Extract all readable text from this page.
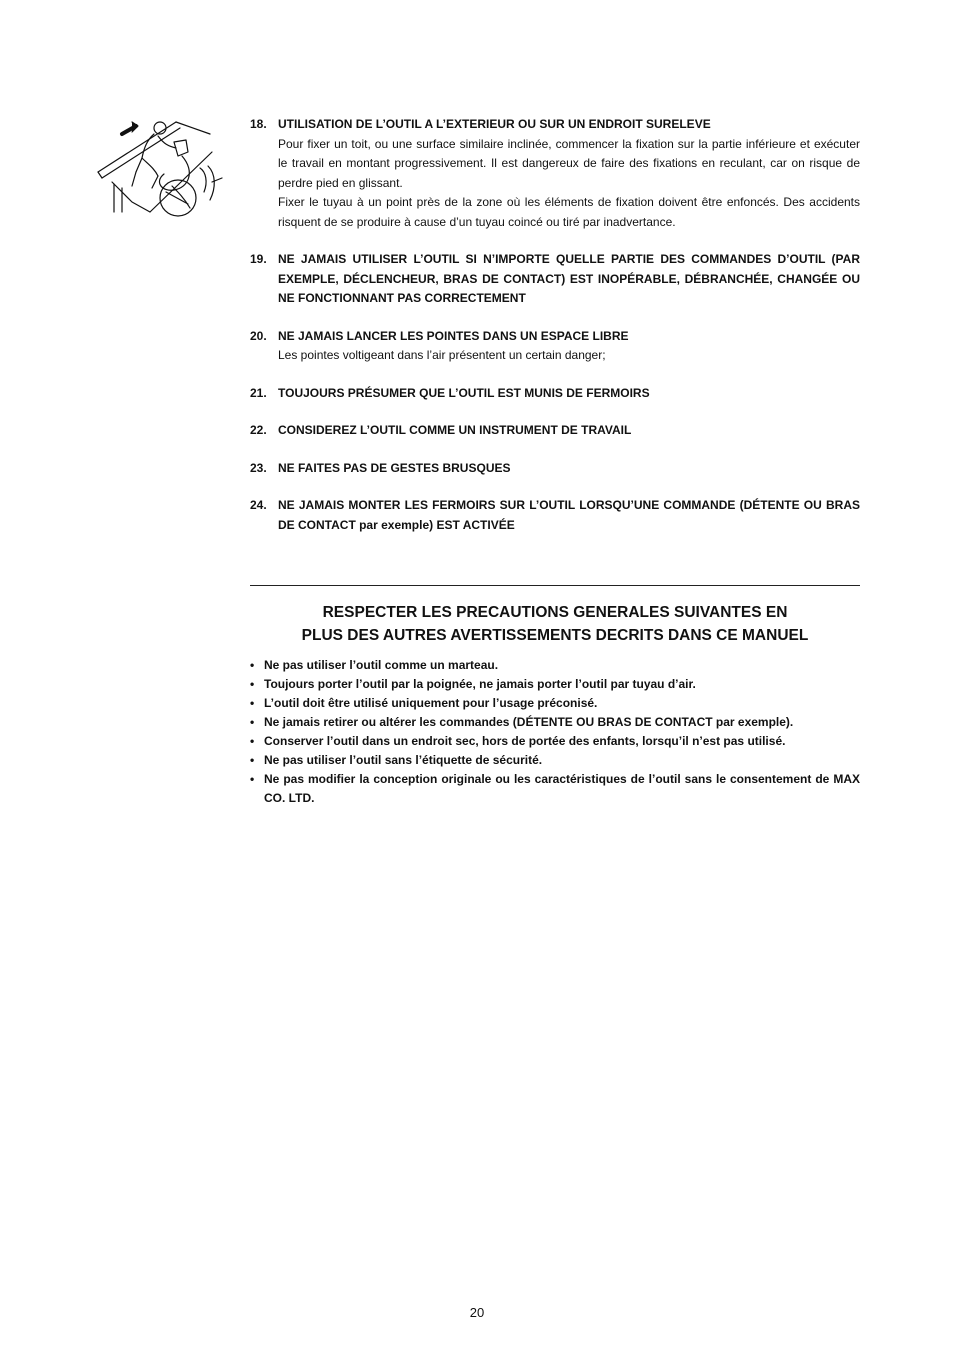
18. UTILISATION DE L’OUTIL A L’EXTERIEUR OU SUR UN ENDROIT SURELEVE
Pour fixer un toit, ou une surface similaire inclinée, commencer la fixation sur la partie inférieure et exécuter le travail en montant progressivement. Il est dangereux de faire des fixations en reculant, car on risque de perdre pied en glissant.
Fixer le tuyau à un point près de la zone où les éléments de fixation doivent être enfoncés. Des accidents risquent de se produire à cause d’un tuyau coincé ou tiré par inadvertance.
19. NE JAMAIS UTILISER L’OUTIL SI N’IMPORTE QUELLE PARTIE DES COMMANDES D’OUTIL (PAR EXEMPLE, DÉCLENCHEUR, BRAS DE CONTACT) EST INOPÉRABLE, DÉBRANCHÉE, CHANGÉE OU NE FONCTIONNANT PAS CORRECTEMENT
20. NE JAMAIS LANCER LES POINTES DANS UN ESPACE LIBRE
Les pointes voltigeant dans l’air présentent un certain danger;
21. TOUJOURS PRÉSUMER QUE L’OUTIL EST MUNIS DE FERMOIRS
22. CONSIDEREZ L’OUTIL COMME UN INSTRUMENT DE TRAVAIL
23. NE FAITES PAS DE GESTES BRUSQUES
24. NE JAMAIS MONTER LES FERMOIRS SUR L’OUTIL LORSQU’UNE COMMANDE (DÉTENTE OU BRAS DE CONTACT par exemple) EST ACTIVÉE
RESPECTER LES PRECAUTIONS GENERALES SUIVANTES EN
PLUS DES AUTRES AVERTISSEMENTS DECRITS DANS CE MANUEL
• Ne pas utiliser l’outil comme un marteau.
• Toujours porter l’outil par la poignée, ne jamais porter l’outil par tuyau d’air.
• L’outil doit être utilisé uniquement pour l’usage préconisé.
• Ne jamais retirer ou altérer les commandes (DÉTENTE OU BRAS DE CONTACT par exemple).
• Conserver l’outil dans un endroit sec, hors de portée des enfants, lorsqu’il n’est pas utilisé.
• Ne pas utiliser l’outil sans l’étiquette de sécurité.
• Ne pas modifier la conception originale ou les caractéristiques de l’outil sans le consentement de MAX CO. LTD.
20
